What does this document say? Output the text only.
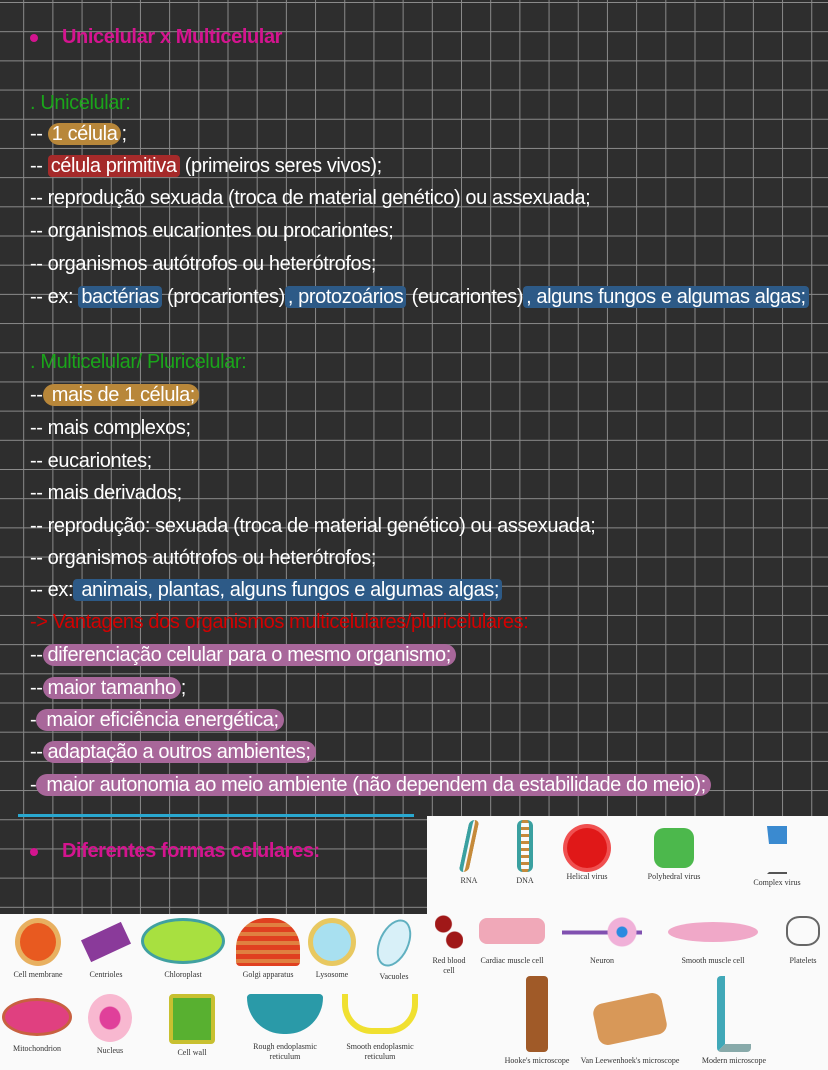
Unicelular x Multicelular
. Unicelular:
-- 1 célula ;
-- célula primitiva (primeiros seres vivos);
-- reprodução sexuada (troca de material genético) ou assexuada;
-- organismos eucariontes ou procariontes;
-- organismos autótrofos ou heterótrofos;
-- ex: bactérias (procariontes) , protozoários (eucariontes) , alguns fungos e algumas algas;
. Multicelular/ Pluricelular:
-- mais de 1 célula;
-- mais complexos;
-- eucariontes;
-- mais derivados;
-- reprodução: sexuada (troca de material genético) ou assexuada;
-- organismos autótrofos ou heterótrofos;
-- ex: animais, plantas, alguns fungos e algumas algas;
-> Vantagens dos organismos multicelulares/pluricelulares:
-- diferenciação celular para o mesmo organismo;
-- maior tamanho ;
- maior eficiência energética;
-- adaptação a outros ambientes;
- maior autonomia ao meio ambiente (não dependem da estabilidade do meio);
Diferentes formas celulares:
RNA	DNA	Helical virus	Polyhedral virus
Complex virus
Red blood cell
Cardiac muscle cell	Neuron	Smooth muscle cell	Platelets
Hooke's microscope	Van Leewenhoek's microscope	Modern microscope
Cell membrane	Centrioles	Chloroplast	Golgi apparatus	Lysosome	Vacuoles
Mitochondrion	Nucleus	Cell wall
Rough endoplasmic reticulum
Smooth endoplasmic reticulum
